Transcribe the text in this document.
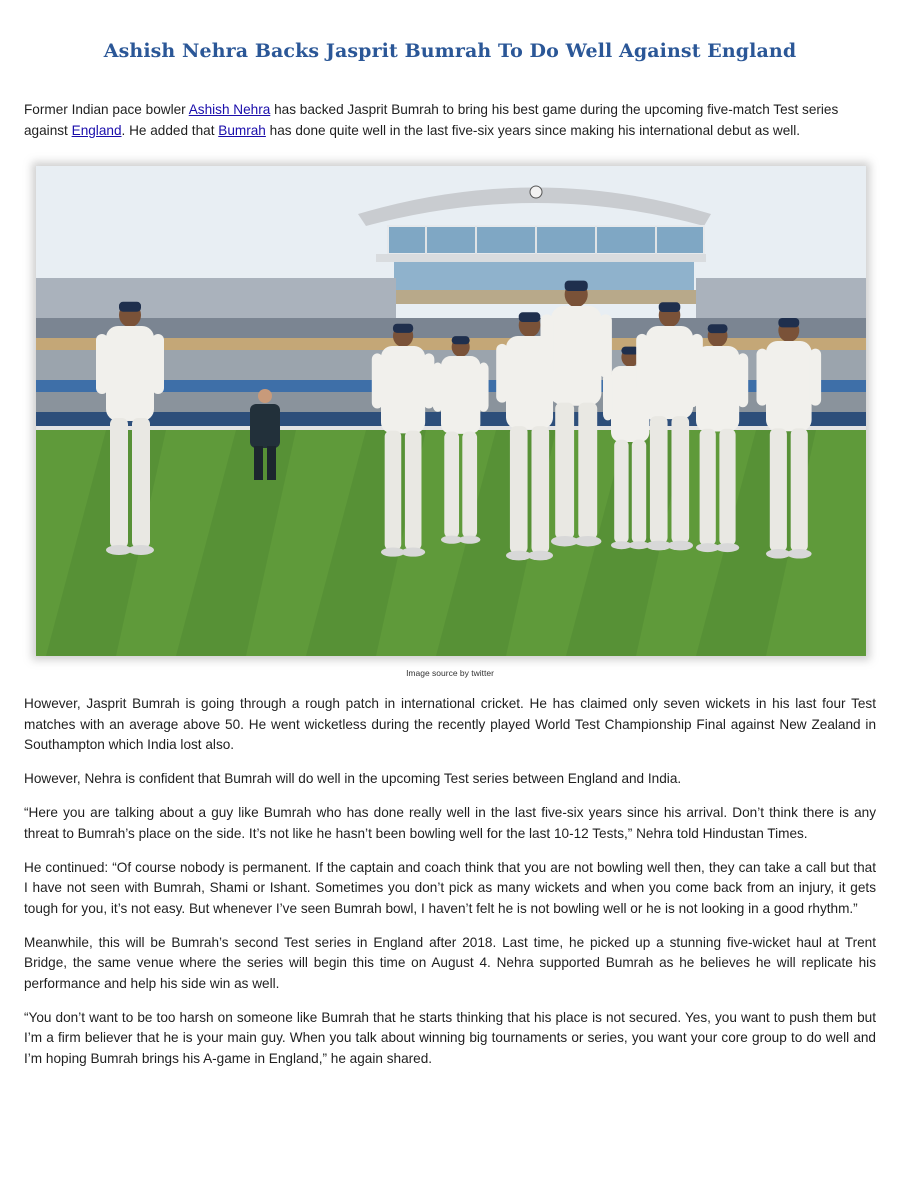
Ashish Nehra Backs Jasprit Bumrah To Do Well Against England

Former Indian pace bowler Ashish Nehra has backed Jasprit Bumrah to bring his best game during the upcoming five-match Test series against England. He added that Bumrah has done quite well in the last five-six years since making his international debut as well.

Image source by twitter

However, Jasprit Bumrah is going through a rough patch in international cricket. He has claimed only seven wickets in his last four Test matches with an average above 50. He went wicketless during the recently played World Test Championship Final against New Zealand in Southampton which India lost also.

However, Nehra is confident that Bumrah will do well in the upcoming Test series between England and India.

“Here you are talking about a guy like Bumrah who has done really well in the last five-six years since his arrival. Don’t think there is any threat to Bumrah’s place on the side. It’s not like he hasn’t been bowling well for the last 10-12 Tests,” Nehra told Hindustan Times.

He continued: “Of course nobody is permanent. If the captain and coach think that you are not bowling well then, they can take a call but that I have not seen with Bumrah, Shami or Ishant. Sometimes you don’t pick as many wickets and when you come back from an injury, it gets tough for you, it’s not easy. But whenever I’ve seen Bumrah bowl, I haven’t felt he is not bowling well or he is not looking in a good rhythm.”

Meanwhile, this will be Bumrah’s second Test series in England after 2018. Last time, he picked up a stunning five-wicket haul at Trent Bridge, the same venue where the series will begin this time on August 4. Nehra supported Bumrah as he believes he will replicate his performance and help his side win as well.

“You don’t want to be too harsh on someone like Bumrah that he starts thinking that his place is not secured. Yes, you want to push them but I’m a firm believer that he is your main guy. When you talk about winning big tournaments or series, you want your core group to do well and I’m hoping Bumrah brings his A-game in England,” he again shared.
